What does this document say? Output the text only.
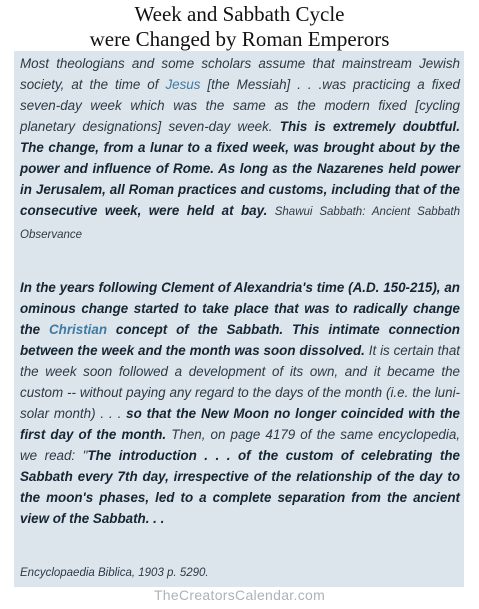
Week and Sabbath Cycle
were Changed by Roman Emperors
Most theologians and some scholars assume that mainstream Jewish society, at the time of Jesus [the Messiah] . . .was practicing a fixed seven-day week which was the same as the modern fixed [cycling planetary designations] seven-day week. This is extremely doubtful. The change, from a lunar to a fixed week, was brought about by the power and influence of Rome. As long as the Nazarenes held power in Jerusalem, all Roman practices and customs, including that of the consecutive week, were held at bay. Shawui Sabbath: Ancient Sabbath Observance
In the years following Clement of Alexandria's time (A.D. 150-215), an ominous change started to take place that was to radically change the Christian concept of the Sabbath. This intimate connection between the week and the month was soon dissolved. It is certain that the week soon followed a development of its own, and it became the custom -- without paying any regard to the days of the month (i.e. the luni-solar month) . . . so that the New Moon no longer coincided with the first day of the month. Then, on page 4179 of the same encyclopedia, we read: "The introduction . . . of the custom of celebrating the Sabbath every 7th day, irrespective of the relationship of the day to the moon's phases, led to a complete separation from the ancient view of the Sabbath. . .
Encyclopaedia Biblica, 1903 p. 5290.
TheCreatorsCalendar.com
